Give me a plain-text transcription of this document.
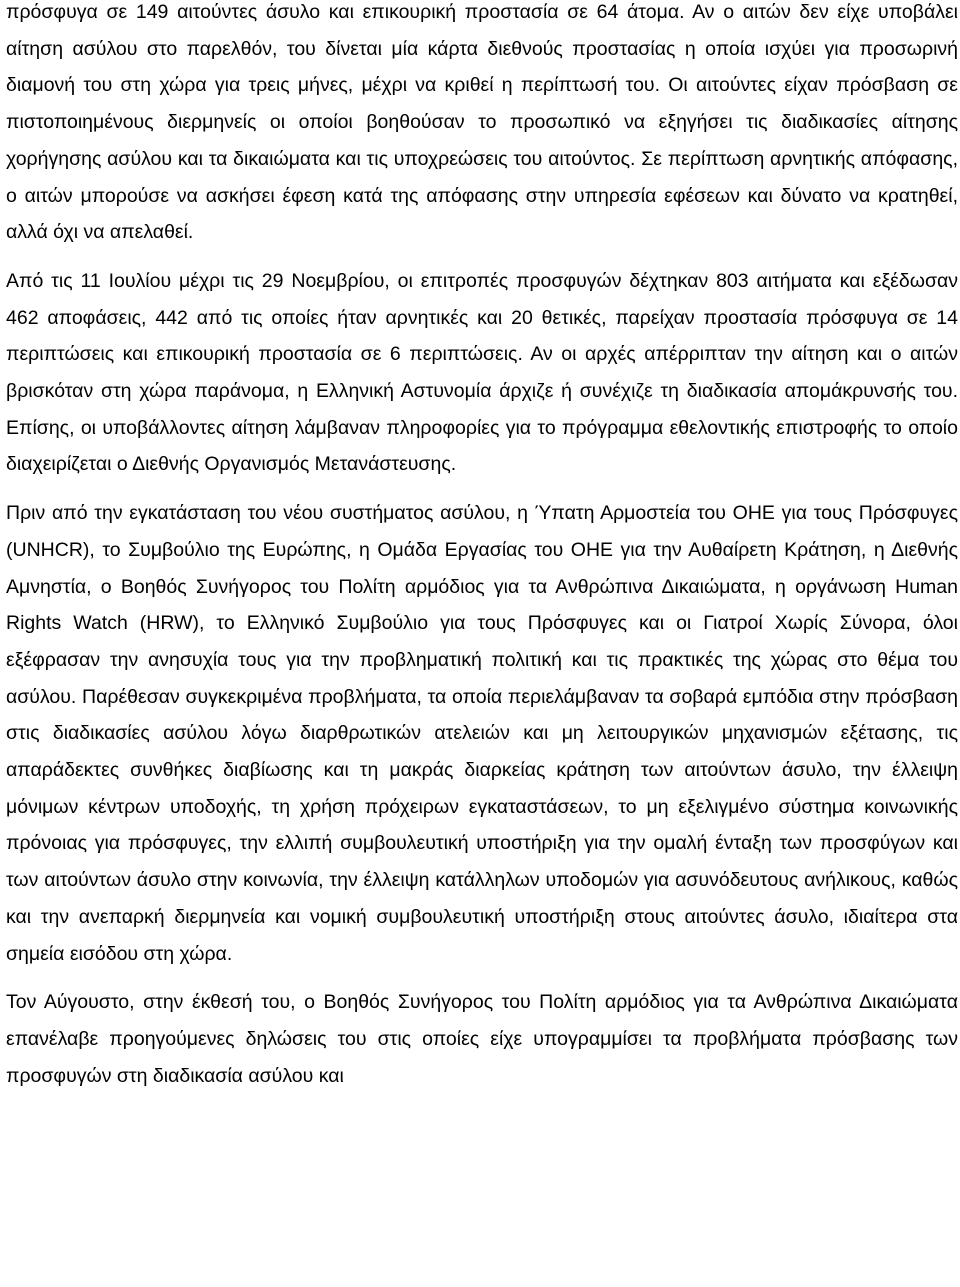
πρόσφυγα σε 149 αιτούντες άσυλο και επικουρική προστασία σε 64 άτομα. Αν ο αιτών δεν είχε υποβάλει αίτηση ασύλου στο παρελθόν, του δίνεται μία κάρτα διεθνούς προστασίας η οποία ισχύει για προσωρινή διαμονή του στη χώρα για τρεις μήνες, μέχρι να κριθεί η περίπτωσή του. Οι αιτούντες είχαν πρόσβαση σε πιστοποιημένους διερμηνείς οι οποίοι βοηθούσαν το προσωπικό να εξηγήσει τις διαδικασίες αίτησης χορήγησης ασύλου και τα δικαιώματα και τις υποχρεώσεις του αιτούντος. Σε περίπτωση αρνητικής απόφασης, ο αιτών μπορούσε να ασκήσει έφεση κατά της απόφασης στην υπηρεσία εφέσεων και δύνατο να κρατηθεί, αλλά όχι να απελαθεί.

Από τις 11 Ιουλίου μέχρι τις 29 Νοεμβρίου, οι επιτροπές προσφυγών δέχτηκαν 803 αιτήματα και εξέδωσαν 462 αποφάσεις, 442 από τις οποίες ήταν αρνητικές και 20 θετικές, παρείχαν προστασία πρόσφυγα σε 14 περιπτώσεις και επικουρική προστασία σε 6 περιπτώσεις. Αν οι αρχές απέρριπταν την αίτηση και ο αιτών βρισκόταν στη χώρα παράνομα, η Ελληνική Αστυνομία άρχιζε ή συνέχιζε τη διαδικασία απομάκρυνσής του. Επίσης, οι υποβάλλοντες αίτηση λάμβαναν πληροφορίες για το πρόγραμμα εθελοντικής επιστροφής το οποίο διαχειρίζεται ο Διεθνής Οργανισμός Μετανάστευσης.

Πριν από την εγκατάσταση του νέου συστήματος ασύλου, η Ύπατη Αρμοστεία του ΟΗΕ για τους Πρόσφυγες (UNHCR), το Συμβούλιο της Ευρώπης, η Ομάδα Εργασίας του ΟΗΕ για την Αυθαίρετη Κράτηση, η Διεθνής Αμνηστία, ο Βοηθός Συνήγορος του Πολίτη αρμόδιος για τα Ανθρώπινα Δικαιώματα, η οργάνωση Human Rights Watch (HRW), το Ελληνικό Συμβούλιο για τους Πρόσφυγες και οι Γιατροί Χωρίς Σύνορα, όλοι εξέφρασαν την ανησυχία τους για την προβληματική πολιτική και τις πρακτικές της χώρας στο θέμα του ασύλου. Παρέθεσαν συγκεκριμένα προβλήματα, τα οποία περιελάμβαναν τα σοβαρά εμπόδια στην πρόσβαση στις διαδικασίες ασύλου λόγω διαρθρωτικών ατελειών και μη λειτουργικών μηχανισμών εξέτασης, τις απαράδεκτες συνθήκες διαβίωσης και τη μακράς διαρκείας κράτηση των αιτούντων άσυλο, την έλλειψη μόνιμων κέντρων υποδοχής, τη χρήση πρόχειρων εγκαταστάσεων, το μη εξελιγμένο σύστημα κοινωνικής πρόνοιας για πρόσφυγες, την ελλιπή συμβουλευτική υποστήριξη για την ομαλή ένταξη των προσφύγων και των αιτούντων άσυλο στην κοινωνία, την έλλειψη κατάλληλων υποδομών για ασυνόδευτους ανήλικους, καθώς και την ανεπαρκή διερμηνεία και νομική συμβουλευτική υποστήριξη στους αιτούντες άσυλο, ιδιαίτερα στα σημεία εισόδου στη χώρα.

Τον Αύγουστο, στην έκθεσή του, ο Βοηθός Συνήγορος του Πολίτη αρμόδιος για τα Ανθρώπινα Δικαιώματα επανέλαβε προηγούμενες δηλώσεις του στις οποίες είχε υπογραμμίσει τα προβλήματα πρόσβασης των προσφυγών στη διαδικασία ασύλου και
